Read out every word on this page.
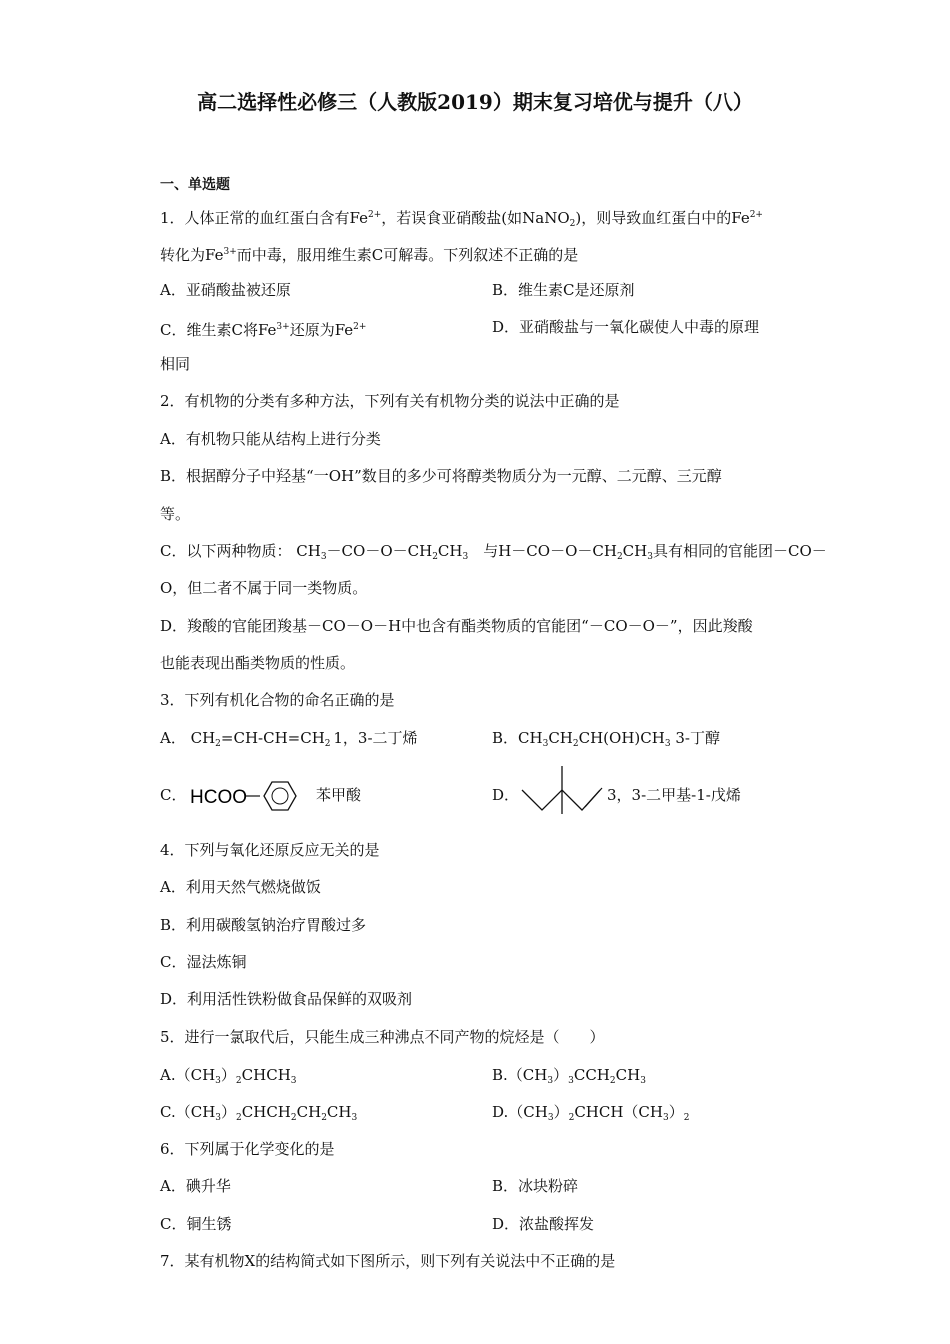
高二选择性必修三（人教版2019）期末复习培优与提升（八）
一、单选题
1．人体正常的血红蛋白含有$Fe^{2+}$，若误食亚硝酸盐(如NaNO$_2$)，则导致血红蛋白中的$Fe^{2+}$
转化为$Fe^{3+}$而中毒，服用维生素C可解毒。下列叙述不正确的是
A．亚硝酸盐被还原	B．维生素C是还原剂
C．维生素C将$Fe^{3+}$还原为$Fe^{2+}$	D．亚硝酸盐与一氧化碳使人中毒的原理
相同
2．有机物的分类有多种方法，下列有关有机物分类的说法中正确的是
A．有机物只能从结构上进行分类
B．根据醇分子中羟基“一OH”数目的多少可将醇类物质分为一元醇、二元醇、三元醇
等。
C．以下两种物质： $CH_3-CO-O-CH_2CH_3$　与$H-CO-O-CH_2CH_3$具有相同的官能团－CO－
O，但二者不属于同一类物质。
D．羧酸的官能团羧基－CO－O－H中也含有酯类物质的官能团“－CO－O－”，因此羧酸
也能表现出酯类物质的性质。
3．下列有机化合物的命名正确的是
A． $CH_2=CH-CH=CH_2$ 1，3-二丁烯	B．$CH_3CH_2CH(OH)CH_3$ 3-丁醇
C． HCOO	苯甲酸	D．	3，3-二甲基-1-戊烯
4．下列与氧化还原反应无关的是
A．利用天然气燃烧做饭
B．利用碳酸氢钠治疗胃酸过多
C．湿法炼铜
D．利用活性铁粉做食品保鲜的双吸剂
5．进行一氯取代后，只能生成三种沸点不同产物的烷烃是（　　）
$A.(CH_3)_2CHCH_3$	$B.(CH_3)_3CCH_2CH_3$
$C.(CH_3)_2CHCH_2CH_2CH_3$	$D.(CH_3)_2CHCH(CH_3)_2$
6．下列属于化学变化的是
A．碘升华	B．冰块粉碎
C．铜生锈	D．浓盐酸挥发
7．某有机物X的结构简式如下图所示，则下列有关说法中不正确的是
